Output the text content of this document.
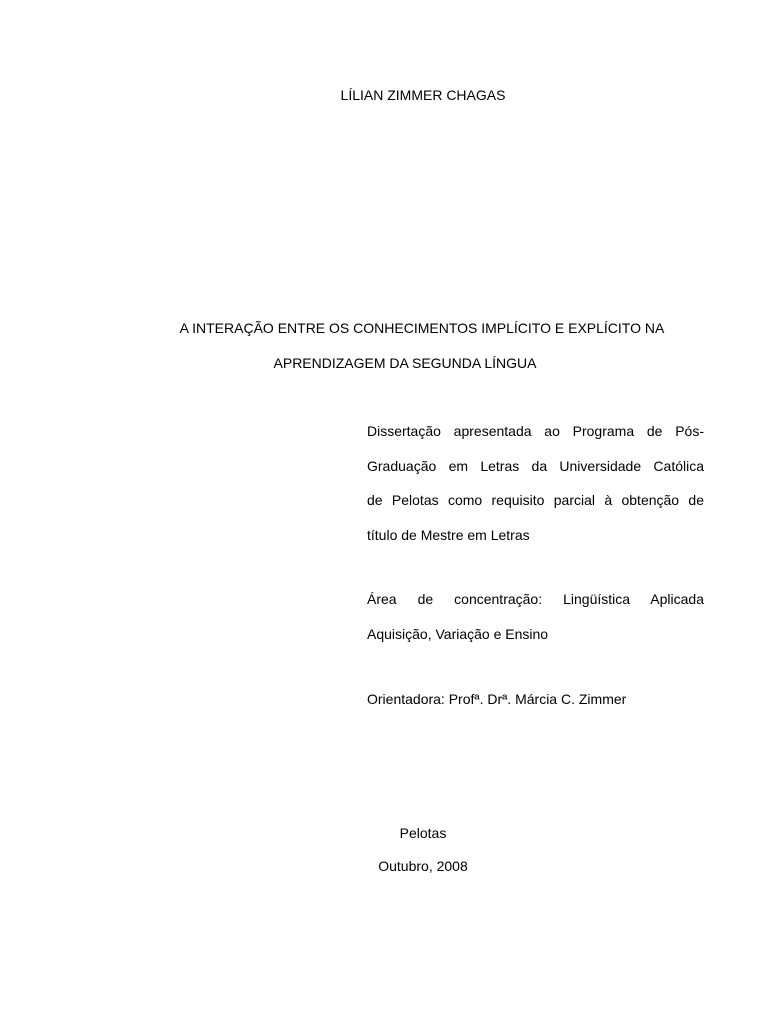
LÍLIAN ZIMMER CHAGAS
A INTERAÇÃO ENTRE OS CONHECIMENTOS IMPLÍCITO E EXPLÍCITO NA
APRENDIZAGEM DA SEGUNDA LÍNGUA
Dissertação apresentada ao Programa de Pós-
Graduação em Letras da Universidade Católica
de Pelotas como requisito parcial à obtenção de
título de Mestre em Letras
Área de concentração: Lingüística Aplicada
Aquisição, Variação e Ensino
Orientadora: Profª. Drª. Márcia C. Zimmer
Pelotas
Outubro, 2008
